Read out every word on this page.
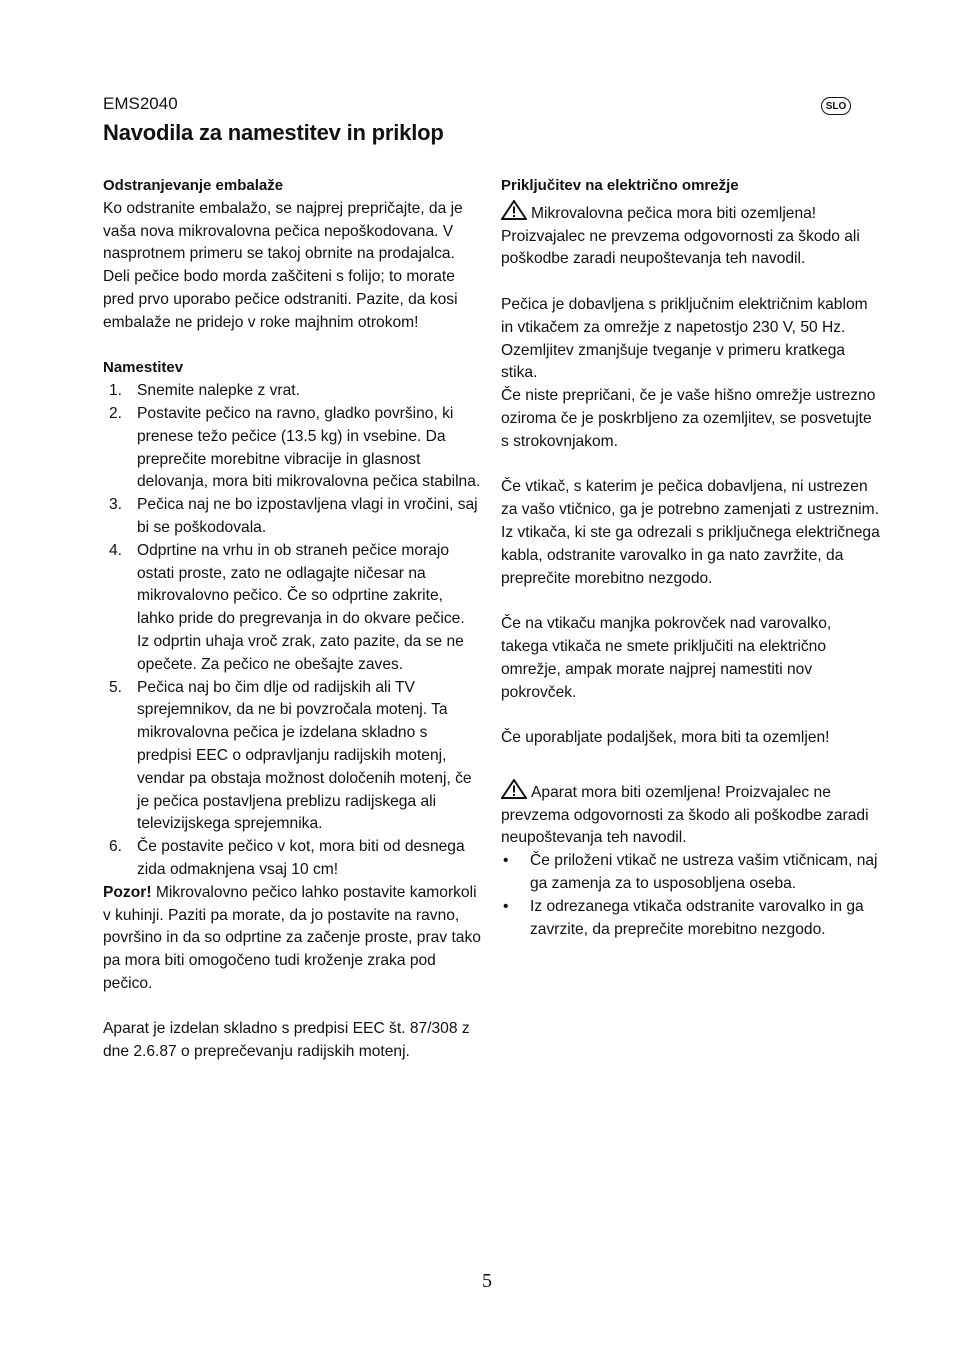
EMS2040
Navodila za namestitev in priklop
SLO

Odstranjevanje embalaže

Ko odstranite embalažo, se najprej prepričajte, da je vaša nova mikrovalovna pečica nepoškodovana. V nasprotnem primeru se takoj obrnite na prodajalca. Deli pečice bodo morda zaščiteni s folijo; to morate pred prvo uporabo pečice odstraniti. Pazite, da kosi embalaže ne pridejo v roke majhnim otrokom!

Namestitev

1. Snemite nalepke z vrat.
2. Postavite pečico na ravno, gladko površino, ki prenese težo pečice (13.5 kg) in vsebine. Da preprečite morebitne vibracije in glasnost delovanja, mora biti mikrovalovna pečica stabilna.
3. Pečica naj ne bo izpostavljena vlagi in vročini, saj bi se poškodovala.
4. Odprtine na vrhu in ob straneh pečice morajo ostati proste, zato ne odlagajte ničesar na mikrovalovno pečico. Če so odprtine zakrite, lahko pride do pregrevanja in do okvare pečice. Iz odprtin uhaja vroč zrak, zato pazite, da se ne opečete. Za pečico ne obešajte zaves.
5. Pečica naj bo čim dlje od radijskih ali TV sprejemnikov, da ne bi povzročala motenj. Ta mikrovalovna pečica je izdelana skladno s predpisi EEC o odpravljanju radijskih motenj, vendar pa obstaja možnost določenih motenj, če je pečica postavljena preblizu radijskega ali televizijskega sprejemnika.
6. Če postavite pečico v kot, mora biti od desnega zida odmaknjena vsaj 10 cm!

Pozor! Mikrovalovno pečico lahko postavite kamorkoli v kuhinji. Paziti pa morate, da jo postavite na ravno, površino in da so odprtine za začenje proste, prav tako pa mora biti omogočeno tudi kroženje zraka pod pečico.

Aparat je izdelan skladno s predpisi EEC št. 87/308 z dne 2.6.87 o preprečevanju radijskih motenj.

Priključitev na električno omrežje

Mikrovalovna pečica mora biti ozemljena! Proizvajalec ne prevzema odgovornosti za škodo ali poškodbe zaradi neupoštevanja teh navodil.

Pečica je dobavljena s priključnim električnim kablom in vtikačem za omrežje z napetostjo 230 V, 50 Hz. Ozemljitev zmanjšuje tveganje v primeru kratkega stika.

Če niste prepričani, če je vaše hišno omrežje ustrezno oziroma če je poskrbljeno za ozemljitev, se posvetujte s strokovnjakom.

Če vtikač, s katerim je pečica dobavljena, ni ustrezen za vašo vtičnico, ga je potrebno zamenjati z ustreznim. Iz vtikača, ki ste ga odrezali s priključnega električnega kabla, odstranite varovalko in ga nato zavržite, da preprečite morebitno nezgodo.

Če na vtikaču manjka pokrovček nad varovalko, takega vtikača ne smete priključiti na električno omrežje, ampak morate najprej namestiti nov pokrovček.

Če uporabljate podaljšek, mora biti ta ozemljen!

Aparat mora biti ozemljena! Proizvajalec ne prevzema odgovornosti za škodo ali poškodbe zaradi neupoštevanja teh navodil.

• Če priloženi vtikač ne ustreza vašim vtičnicam, naj ga zamenja za to usposobljena oseba.
• Iz odrezanega vtikača odstranite varovalko in ga zavrzite, da preprečite morebitno nezgodo.
5
